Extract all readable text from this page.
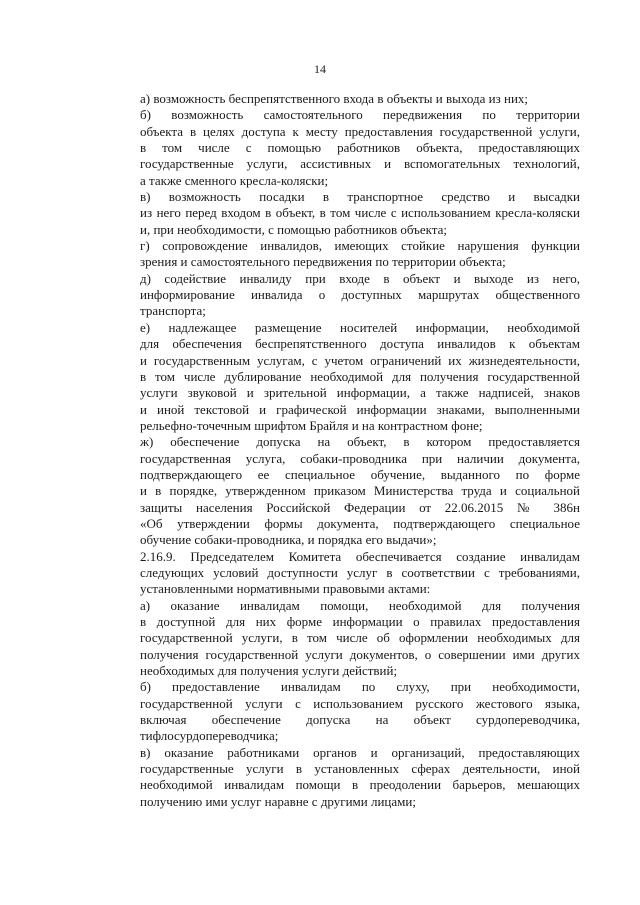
14
а) возможность беспрепятственного входа в объекты и выхода из них;
б) возможность самостоятельного передвижения по территории
объекта в целях доступа к месту предоставления государственной услуги,
в том числе с помощью работников объекта, предоставляющих
государственные услуги, ассистивных и вспомогательных технологий,
а также сменного кресла-коляски;
в) возможность посадки в транспортное средство и высадки
из него перед входом в объект, в том числе с использованием кресла-коляски
и, при необходимости, с помощью работников объекта;
г) сопровождение инвалидов, имеющих стойкие нарушения функции
зрения и самостоятельного передвижения по территории объекта;
д) содействие инвалиду при входе в объект и выходе из него,
информирование инвалида о доступных маршрутах общественного
транспорта;
е) надлежащее размещение носителей информации, необходимой
для обеспечения беспрепятственного доступа инвалидов к объектам
и государственным услугам, с учетом ограничений их жизнедеятельности,
в том числе дублирование необходимой для получения государственной
услуги звуковой и зрительной информации, а также надписей, знаков
и иной текстовой и графической информации знаками, выполненными
рельефно-точечным шрифтом Брайля и на контрастном фоне;
ж) обеспечение допуска на объект, в котором предоставляется
государственная услуга, собаки-проводника при наличии документа,
подтверждающего ее специальное обучение, выданного по форме
и в порядке, утвержденном приказом Министерства труда и социальной
защиты населения Российской Федерации от 22.06.2015 № 386н
«Об утверждении формы документа, подтверждающего специальное
обучение собаки-проводника, и порядка его выдачи»;
2.16.9. Председателем Комитета обеспечивается создание инвалидам
следующих условий доступности услуг в соответствии с требованиями,
установленными нормативными правовыми актами:
а) оказание инвалидам помощи, необходимой для получения
в доступной для них форме информации о правилах предоставления
государственной услуги, в том числе об оформлении необходимых для
получения государственной услуги документов, о совершении ими других
необходимых для получения услуги действий;
б) предоставление инвалидам по слуху, при необходимости,
государственной услуги с использованием русского жестового языка,
включая обеспечение допуска на объект сурдопереводчика,
тифлосурдопереводчика;
в) оказание работниками органов и организаций, предоставляющих
государственные услуги в установленных сферах деятельности, иной
необходимой инвалидам помощи в преодолении барьеров, мешающих
получению ими услуг наравне с другими лицами;
